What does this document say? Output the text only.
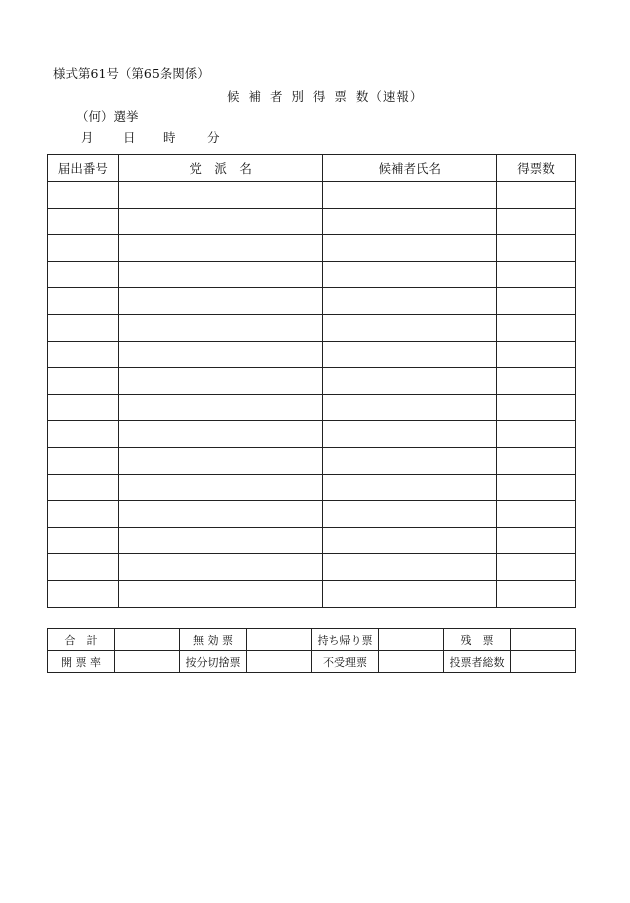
様式第61号（第65条関係）
候 補 者 別 得 票 数（速報）
（何）選挙
月 日 時	分
届出番号	党　派　名	候補者氏名	得票数

合　計		無 効 票		持ち帰り票		残　票	
開 票 率		按分切捨票		不受理票		投票者総数	
